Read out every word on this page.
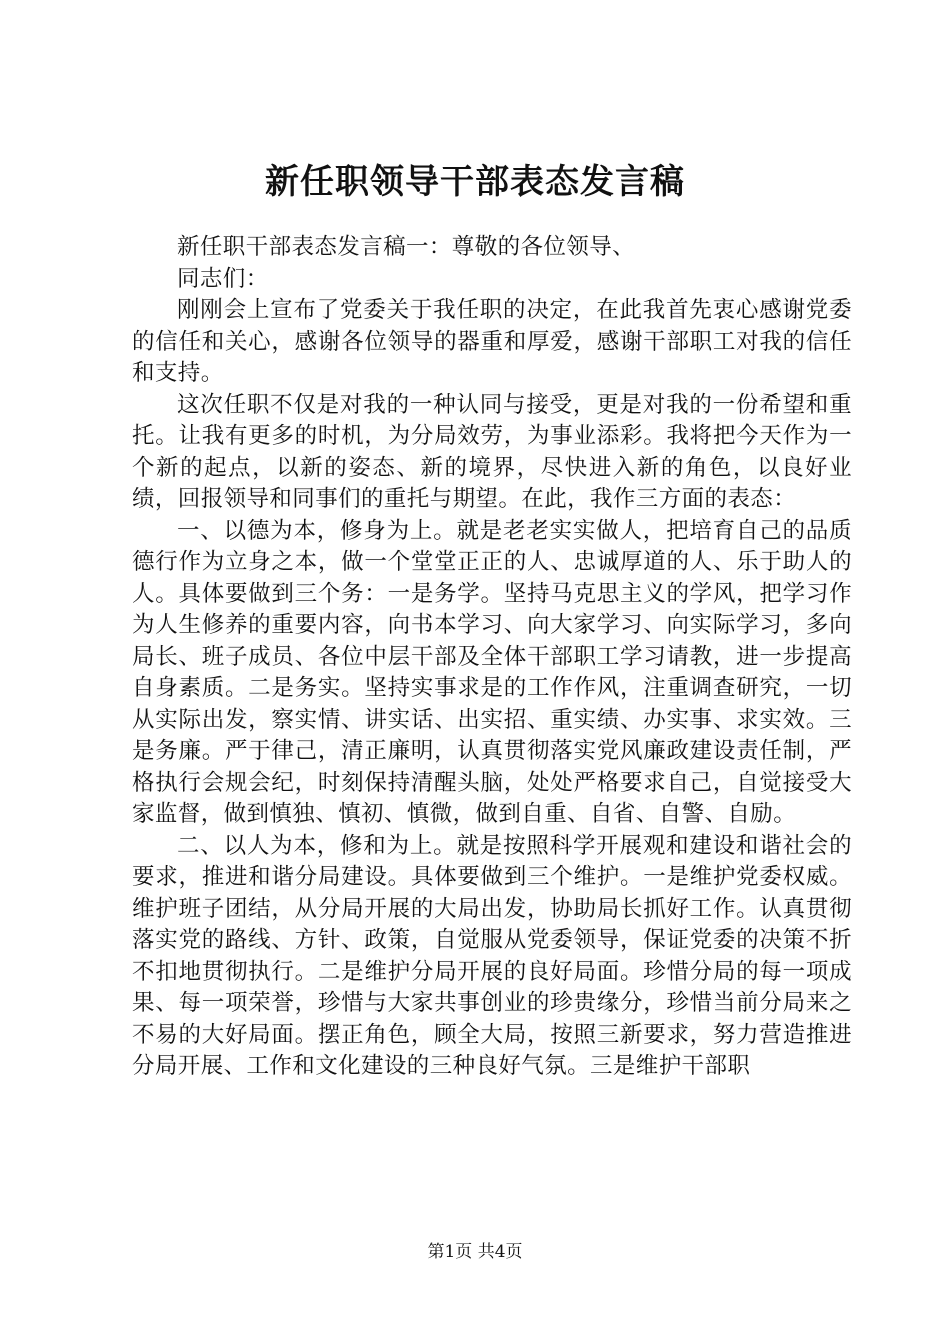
新任职领导干部表态发言稿

新任职干部表态发言稿一：尊敬的各位领导、

同志们：

刚刚会上宣布了党委关于我任职的决定，在此我首先衷心感谢党委的信任和关心，感谢各位领导的器重和厚爱，感谢干部职工对我的信任和支持。

这次任职不仅是对我的一种认同与接受，更是对我的一份希望和重托。让我有更多的时机，为分局效劳，为事业添彩。我将把今天作为一个新的起点，以新的姿态、新的境界，尽快进入新的角色，以良好业绩，回报领导和同事们的重托与期望。在此，我作三方面的表态：

一、以德为本，修身为上。就是老老实实做人，把培育自己的品质德行作为立身之本，做一个堂堂正正的人、忠诚厚道的人、乐于助人的人。具体要做到三个务：一是务学。坚持马克思主义的学风，把学习作为人生修养的重要内容，向书本学习、向大家学习、向实际学习，多向局长、班子成员、各位中层干部及全体干部职工学习请教，进一步提高自身素质。二是务实。坚持实事求是的工作作风，注重调查研究，一切从实际出发，察实情、讲实话、出实招、重实绩、办实事、求实效。三是务廉。严于律己，清正廉明，认真贯彻落实党风廉政建设责任制，严格执行会规会纪，时刻保持清醒头脑，处处严格要求自己，自觉接受大家监督，做到慎独、慎初、慎微，做到自重、自省、自警、自励。

二、以人为本，修和为上。就是按照科学开展观和建设和谐社会的要求，推进和谐分局建设。具体要做到三个维护。一是维护党委权威。维护班子团结，从分局开展的大局出发，协助局长抓好工作。认真贯彻落实党的路线、方针、政策，自觉服从党委领导，保证党委的决策不折不扣地贯彻执行。二是维护分局开展的良好局面。珍惜分局的每一项成果、每一项荣誉，珍惜与大家共事创业的珍贵缘分，珍惜当前分局来之不易的大好局面。摆正角色，顾全大局，按照三新要求，努力营造推进分局开展、工作和文化建设的三种良好气氛。三是维护干部职

第1页 共4页
